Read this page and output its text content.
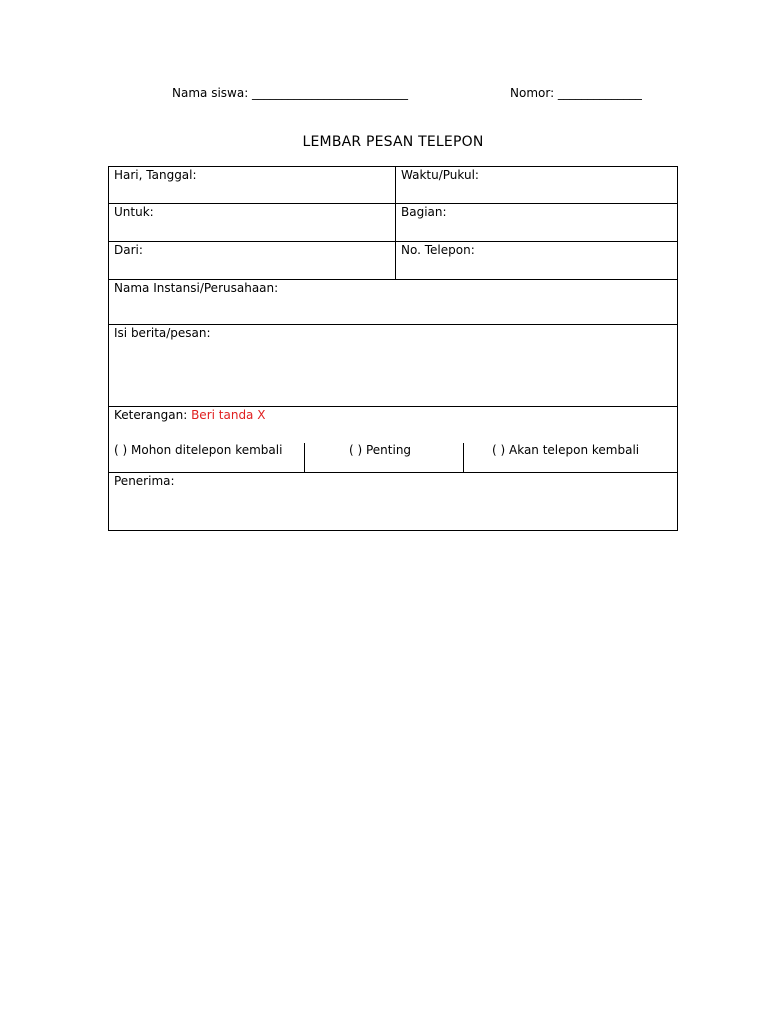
Nama siswa: __________________________	Nomor: ______________
LEMBAR PESAN TELEPON
Hari, Tanggal:	Waktu/Pukul:
Untuk:	Bagian:
Dari:	No. Telepon:
Nama Instansi/Perusahaan:
Isi berita/pesan:
Keterangan: Beri tanda X
( ) Mohon ditelepon kembali	( ) Penting	( ) Akan telepon kembali
Penerima:
